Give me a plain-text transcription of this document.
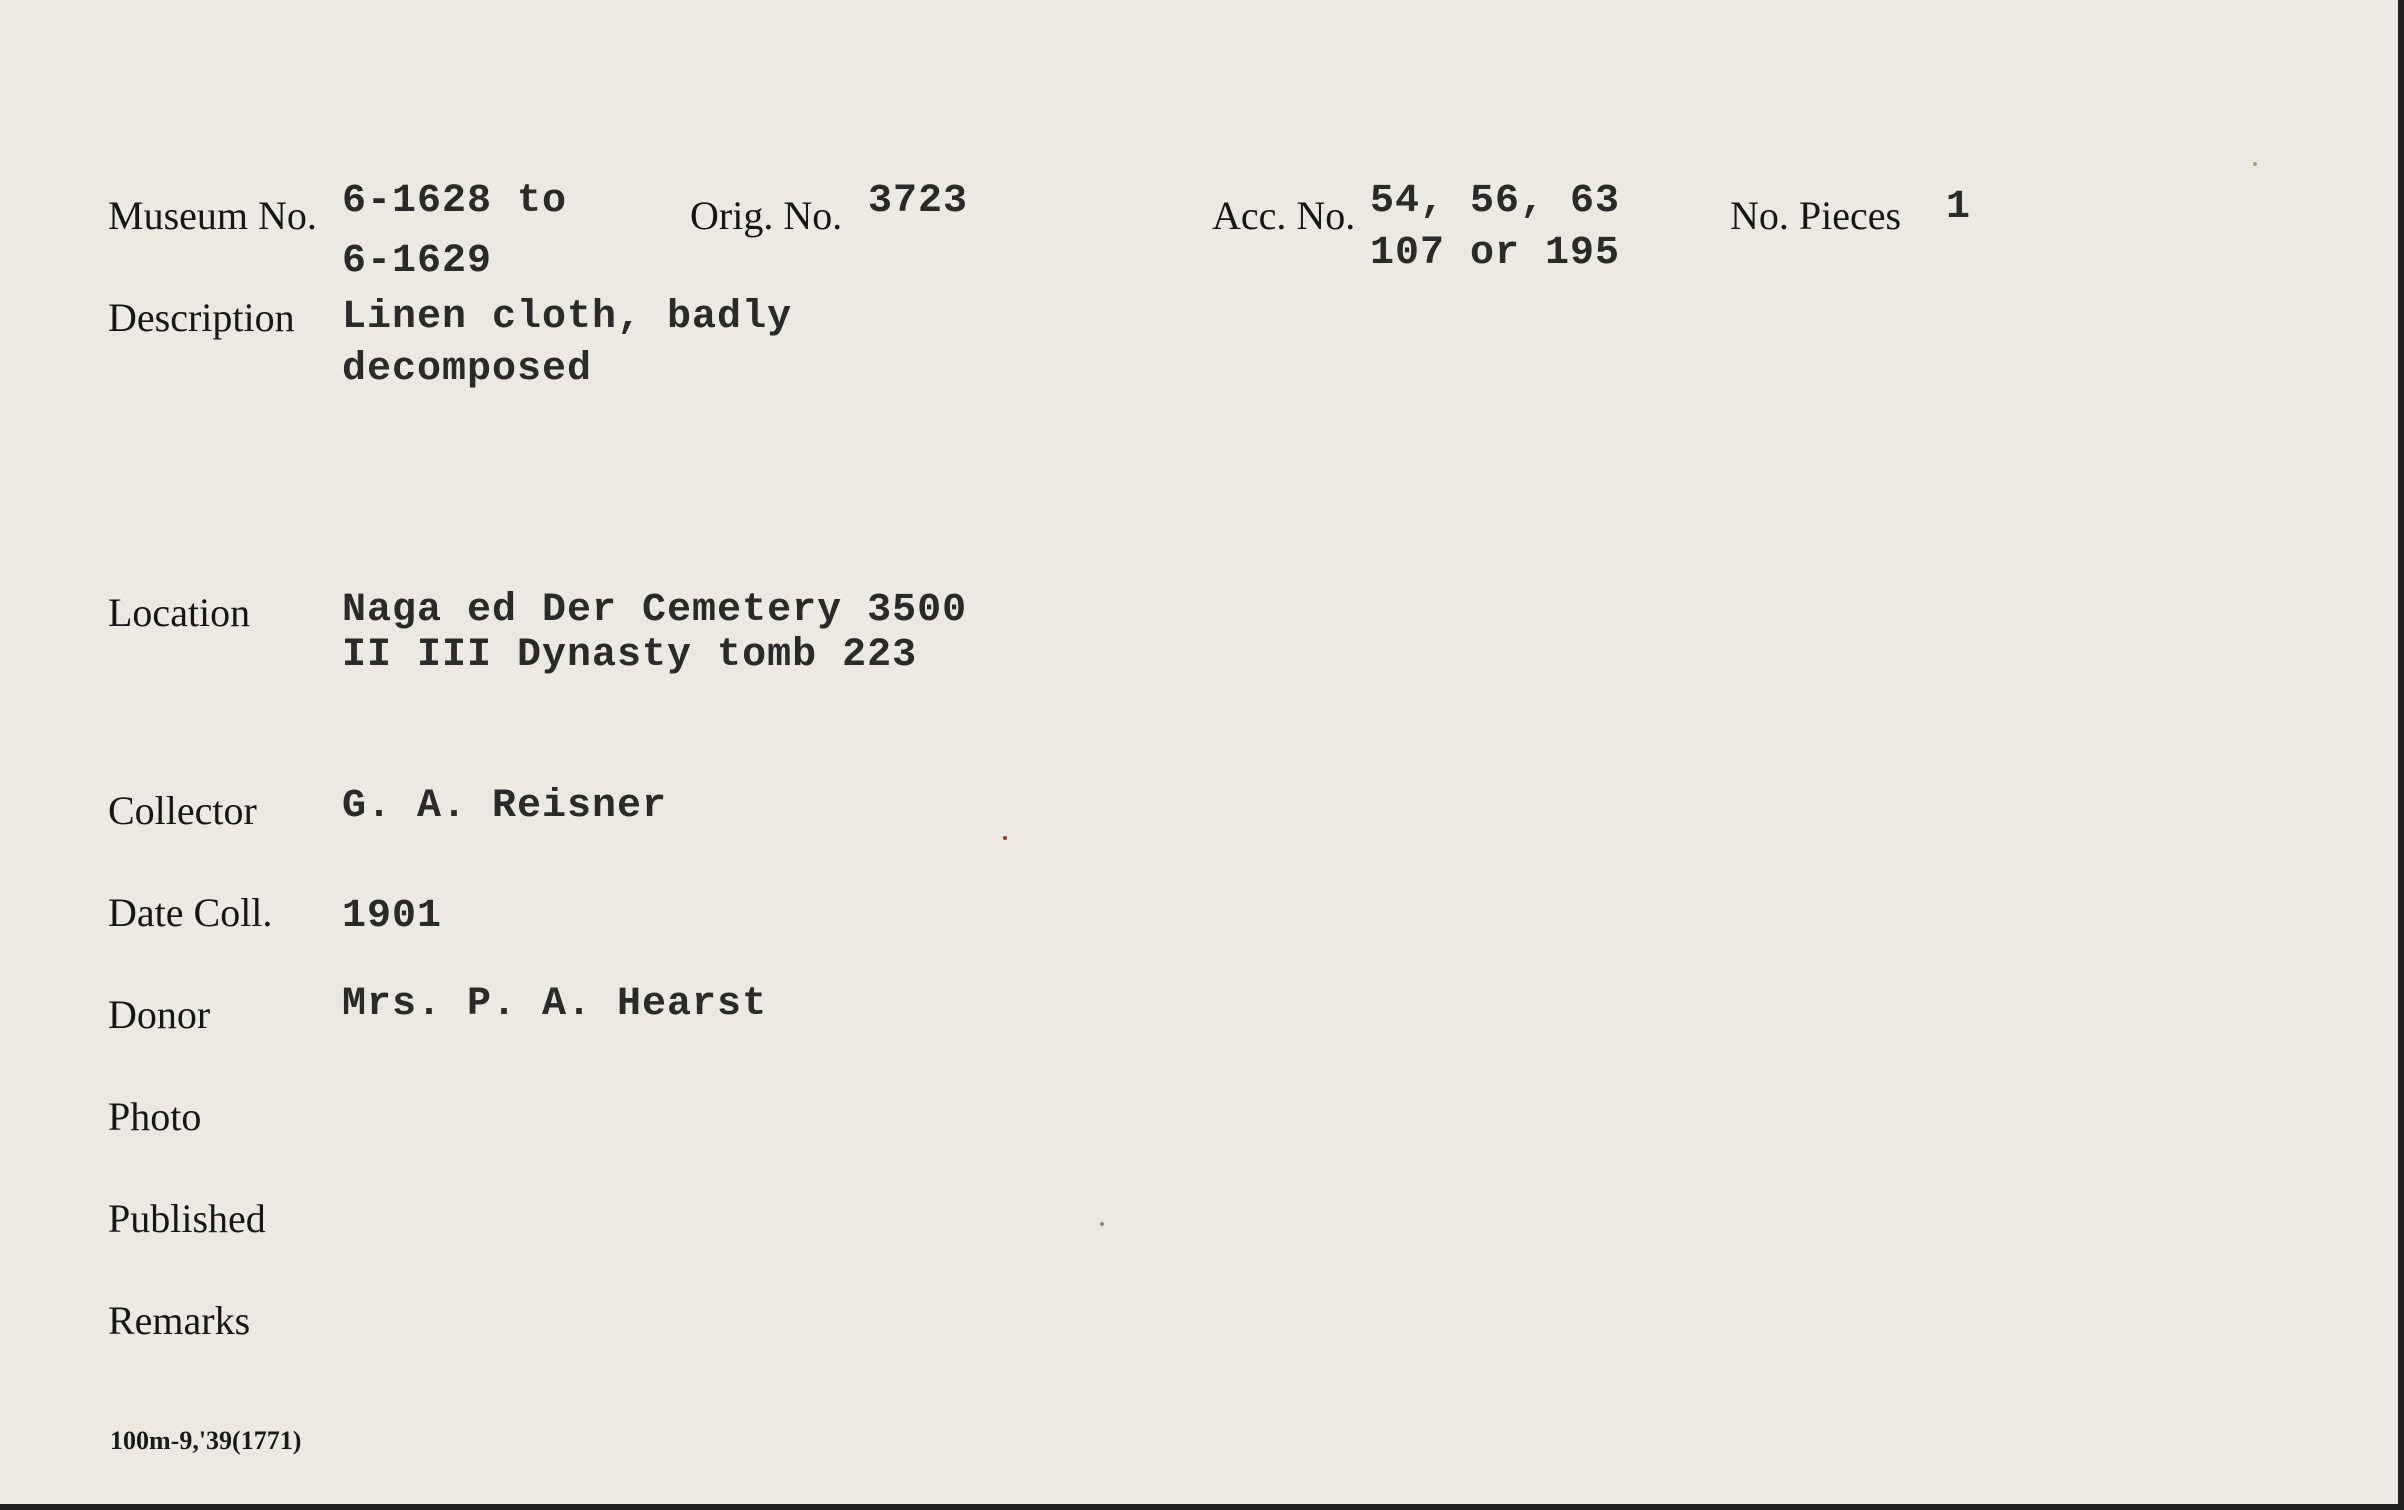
Museum No. 6-1628 to
6-1629
Orig. No. 3723	Acc. No. 54, 56, 63
107 or 195
No. Pieces 1
Description Linen cloth, badly
decomposed
Location Naga ed Der Cemetery 3500
II III Dynasty tomb 223
Collector G. A. Reisner
Date Coll. 1901
Donor	Mrs. P. A. Hearst
Photo
Published
Remarks
100m-9,'39(1771)
